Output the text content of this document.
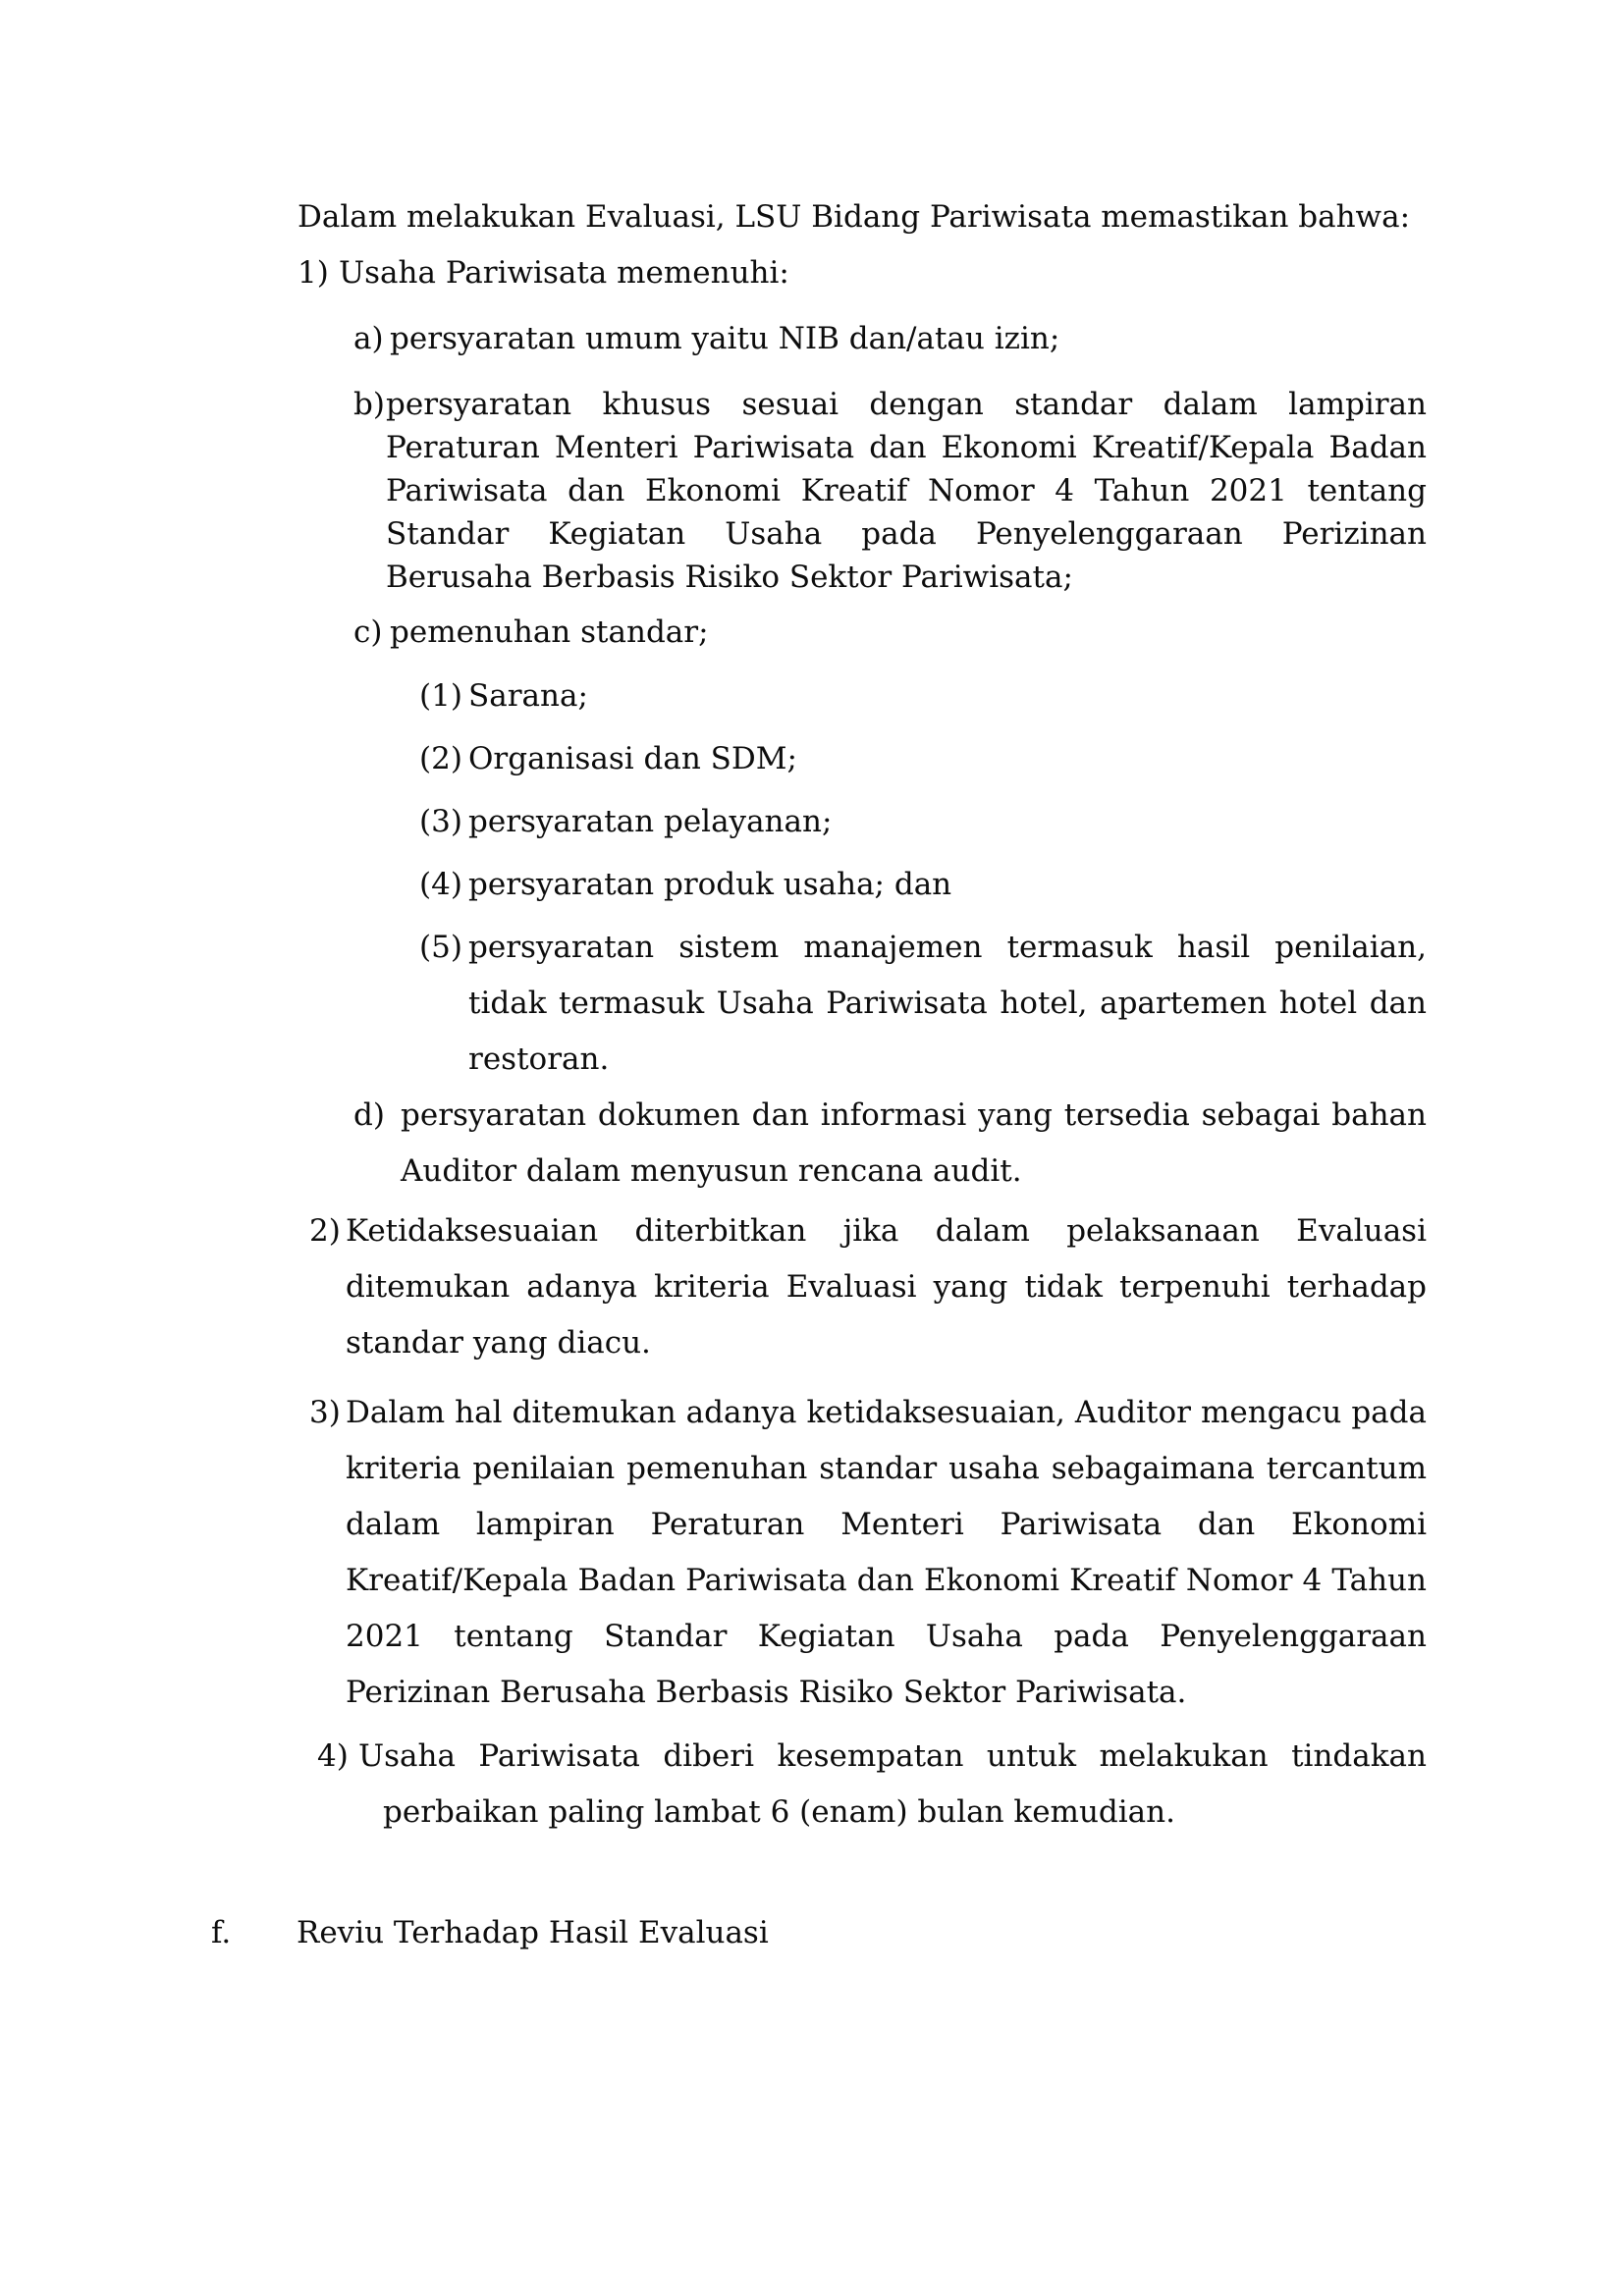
Dalam melakukan Evaluasi, LSU Bidang Pariwisata memastikan bahwa:

1) Usaha Pariwisata memenuhi:
a) persyaratan umum yaitu NIB dan/atau izin;
b) persyaratan khusus sesuai dengan standar dalam lampiran Peraturan Menteri Pariwisata dan Ekonomi Kreatif/Kepala Badan Pariwisata dan Ekonomi Kreatif Nomor 4 Tahun 2021 tentang Standar Kegiatan Usaha pada Penyelenggaraan Perizinan Berusaha Berbasis Risiko Sektor Pariwisata;
c) pemenuhan standar;
(1) Sarana;
(2) Organisasi dan SDM;
(3) persyaratan pelayanan;
(4) persyaratan produk usaha; dan
(5) persyaratan sistem manajemen termasuk hasil penilaian, tidak termasuk Usaha Pariwisata hotel, apartemen hotel dan restoran.
d) persyaratan dokumen dan informasi yang tersedia sebagai bahan Auditor dalam menyusun rencana audit.
2) Ketidaksesuaian diterbitkan jika dalam pelaksanaan Evaluasi ditemukan adanya kriteria Evaluasi yang tidak terpenuhi terhadap standar yang diacu.
3) Dalam hal ditemukan adanya ketidaksesuaian, Auditor mengacu pada kriteria penilaian pemenuhan standar usaha sebagaimana tercantum dalam lampiran Peraturan Menteri Pariwisata dan Ekonomi Kreatif/Kepala Badan Pariwisata dan Ekonomi Kreatif Nomor 4 Tahun 2021 tentang Standar Kegiatan Usaha pada Penyelenggaraan Perizinan Berusaha Berbasis Risiko Sektor Pariwisata.
4) Usaha Pariwisata diberi kesempatan untuk melakukan tindakan perbaikan paling lambat 6 (enam) bulan kemudian.
f.	Reviu Terhadap Hasil Evaluasi
